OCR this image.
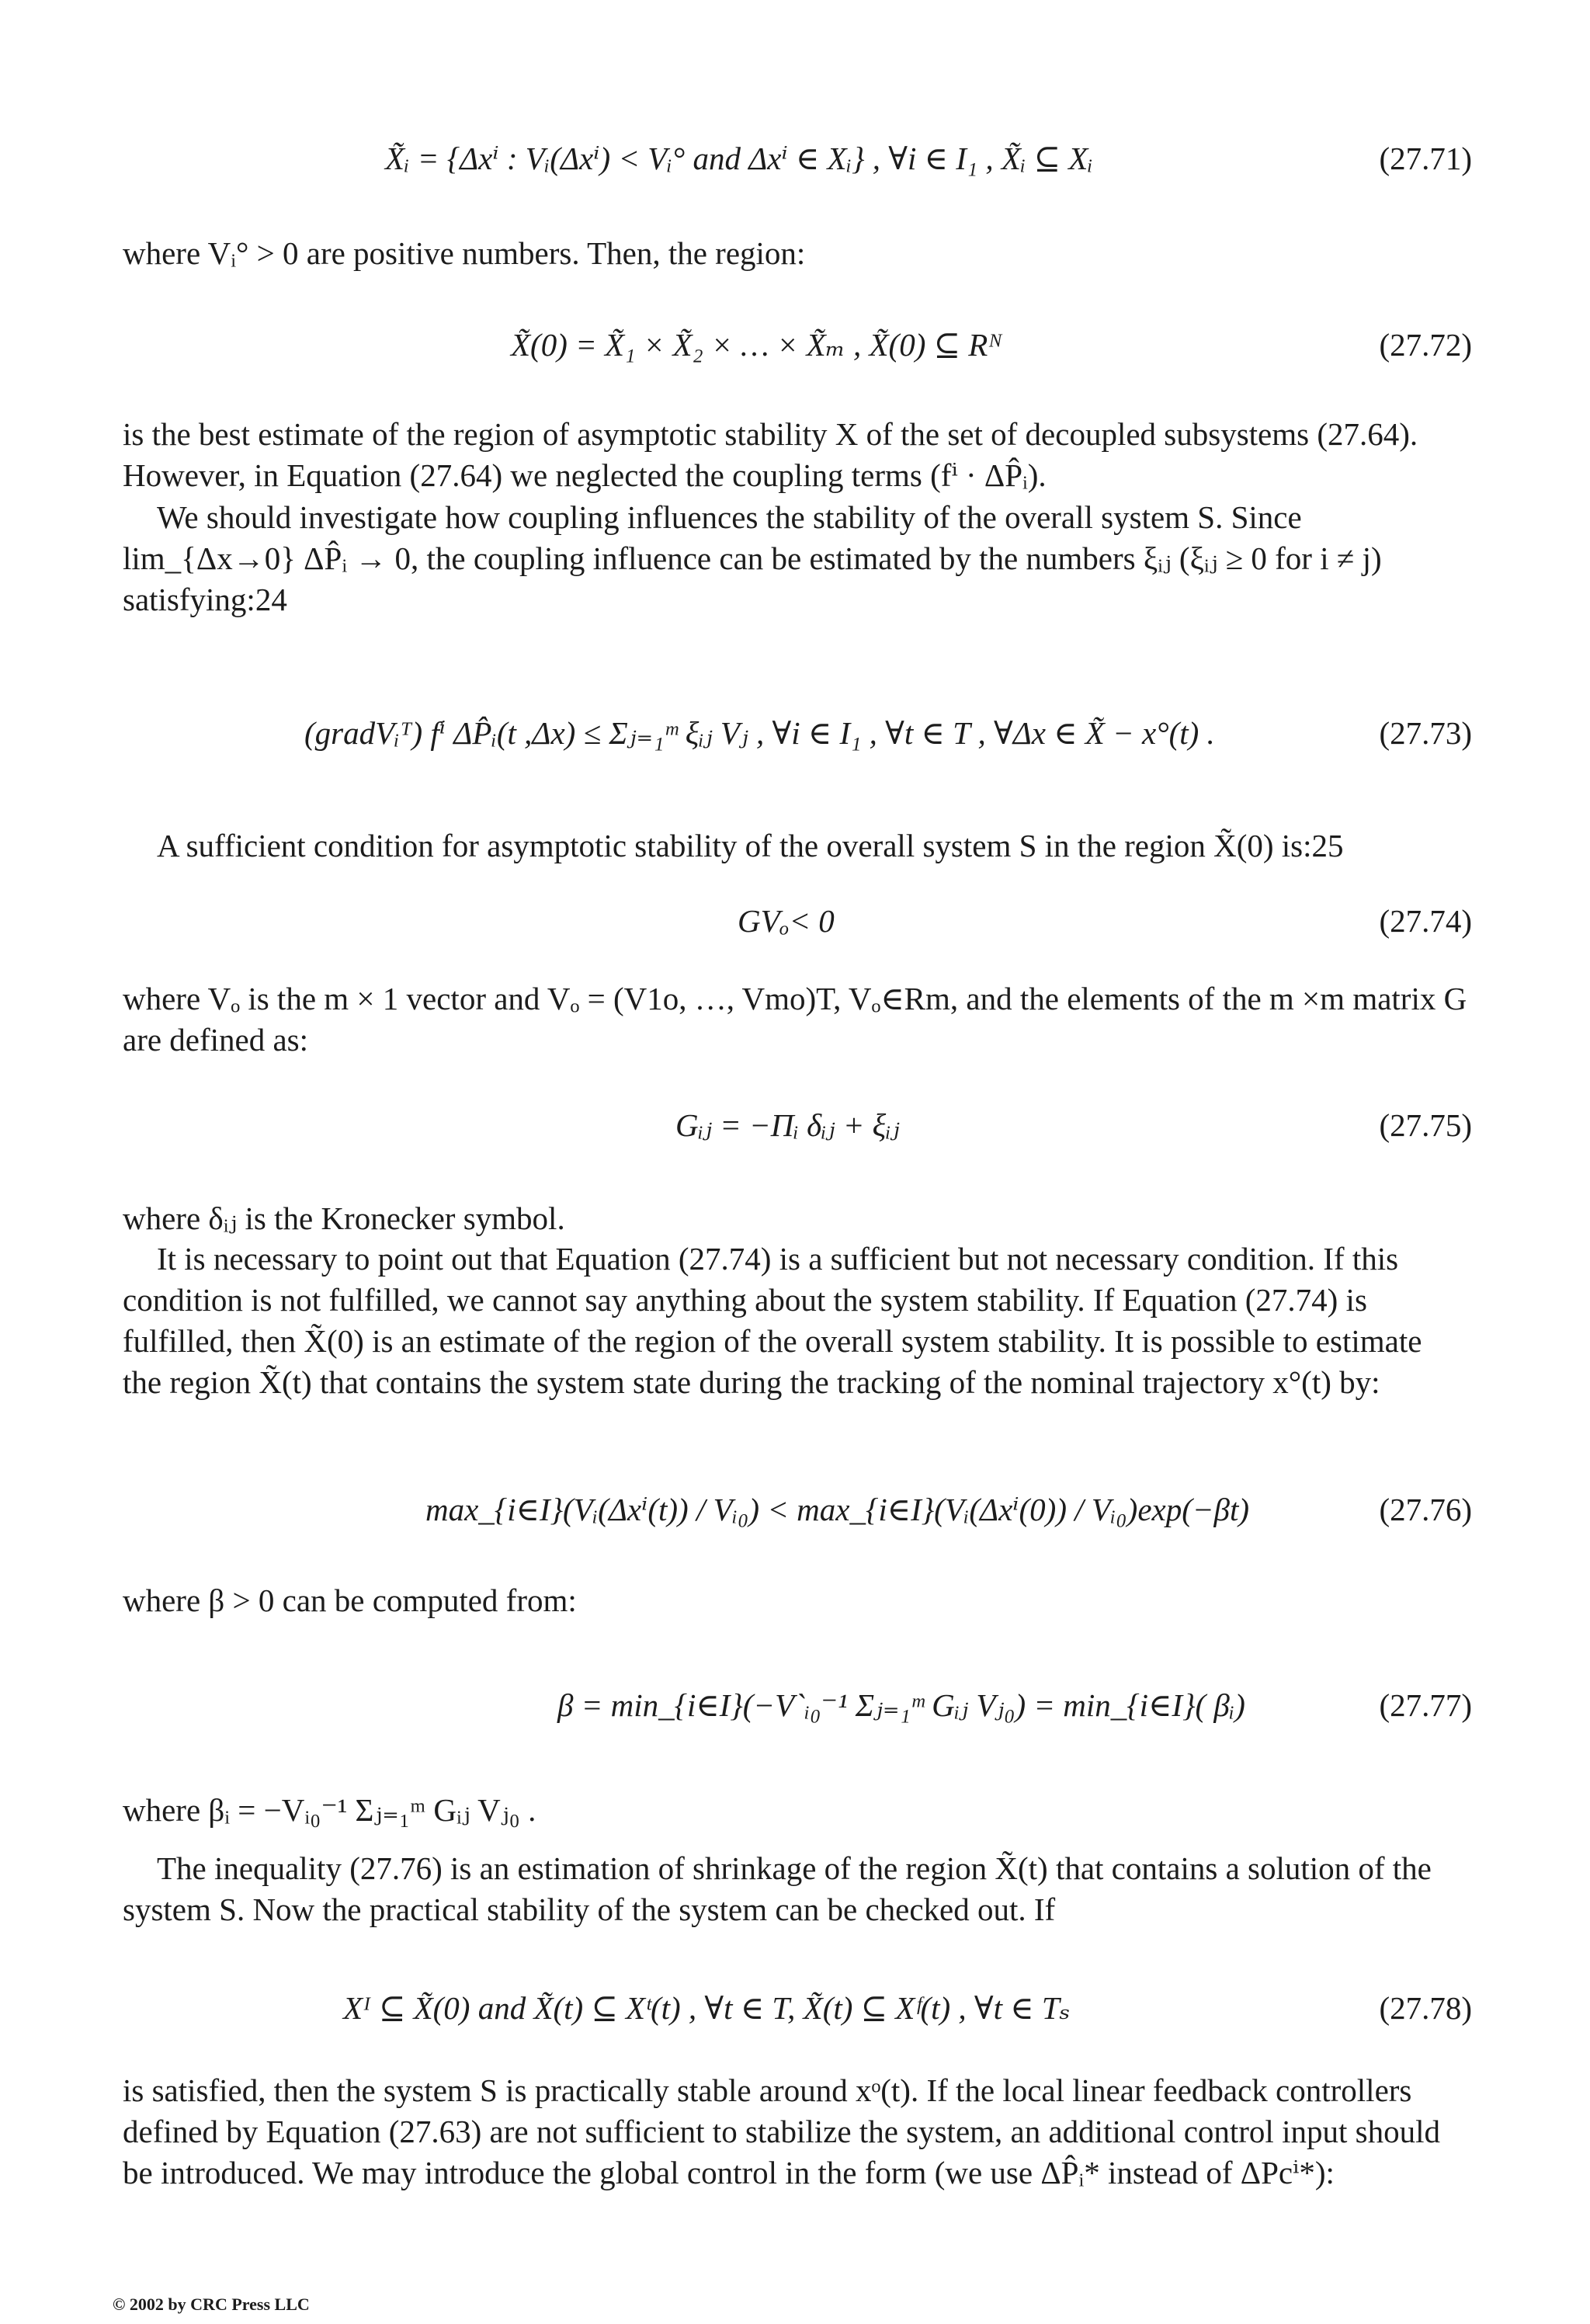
X̃ᵢ = {Δxⁱ : Vᵢ(Δxⁱ) < Vᵢ° and Δxⁱ ∈ Xᵢ} , ∀i ∈ I₁ , X̃ᵢ ⊆ Xᵢ	(27.71)
where Vᵢ° > 0 are positive numbers. Then, the region:
X̃(0) = X̃₁ × X̃₂ × … × X̃ₘ , X̃(0) ⊆ Rᴺ	(27.72)
is the best estimate of the region of asymptotic stability X of the set of decoupled subsystems (27.64). However, in Equation (27.64) we neglected the coupling terms (fⁱ · ΔP̂ᵢ).
We should investigate how coupling influences the stability of the overall system S. Since lim_{Δx→0} ΔP̂ᵢ → 0, the coupling influence can be estimated by the numbers ξᵢⱼ (ξᵢⱼ ≥ 0 for i ≠ j) satisfying:24
(gradVᵢᵀ) fⁱ ΔP̂ᵢ(t ,Δx) ≤ Σⱼ₌₁ᵐ ξᵢⱼ Vⱼ , ∀i ∈ I₁ , ∀t ∈ T , ∀Δx ∈ X̃ − x°(t) .	(27.73)
A sufficient condition for asymptotic stability of the overall system S in the region X̃(0) is:25
GVₒ< 0	(27.74)
where Vₒ is the m × 1 vector and Vₒ = (V1o, …, Vmo)T, Vₒ∈Rm, and the elements of the m ×m matrix G are defined as:
Gᵢⱼ = −Πᵢ δᵢⱼ + ξᵢⱼ	(27.75)
where δᵢⱼ is the Kronecker symbol.
It is necessary to point out that Equation (27.74) is a sufficient but not necessary condition. If this condition is not fulfilled, we cannot say anything about the system stability. If Equation (27.74) is fulfilled, then X̃(0) is an estimate of the region of the overall system stability. It is possible to estimate the region X̃(t) that contains the system state during the tracking of the nominal trajectory x°(t) by:
max_{i∈I}(Vᵢ(Δxⁱ(t)) / Vᵢ₀) < max_{i∈I}(Vᵢ(Δxⁱ(0)) / Vᵢ₀)exp(−βt)	(27.76)
where β > 0 can be computed from:
β = min_{i∈I}(−V`ᵢ₀⁻¹ Σⱼ₌₁ᵐ Gᵢⱼ Vⱼ₀) = min_{i∈I}( βᵢ)	(27.77)
where βᵢ = −Vᵢ₀⁻¹ Σⱼ₌₁ᵐ Gᵢⱼ Vⱼ₀ .
The inequality (27.76) is an estimation of shrinkage of the region X̃(t) that contains a solution of the system S. Now the practical stability of the system can be checked out. If
Xᴵ ⊆ X̃(0) and X̃(t) ⊆ Xᵗ(t) , ∀t ∈ T, X̃(t) ⊆ Xᶠ(t) , ∀t ∈ Tₛ	(27.78)
is satisfied, then the system S is practically stable around xᵒ(t). If the local linear feedback controllers defined by Equation (27.63) are not sufficient to stabilize the system, an additional control input should be introduced. We may introduce the global control in the form (we use ΔP̂ᵢ* instead of ΔPcⁱ*):
© 2002 by CRC Press LLC
